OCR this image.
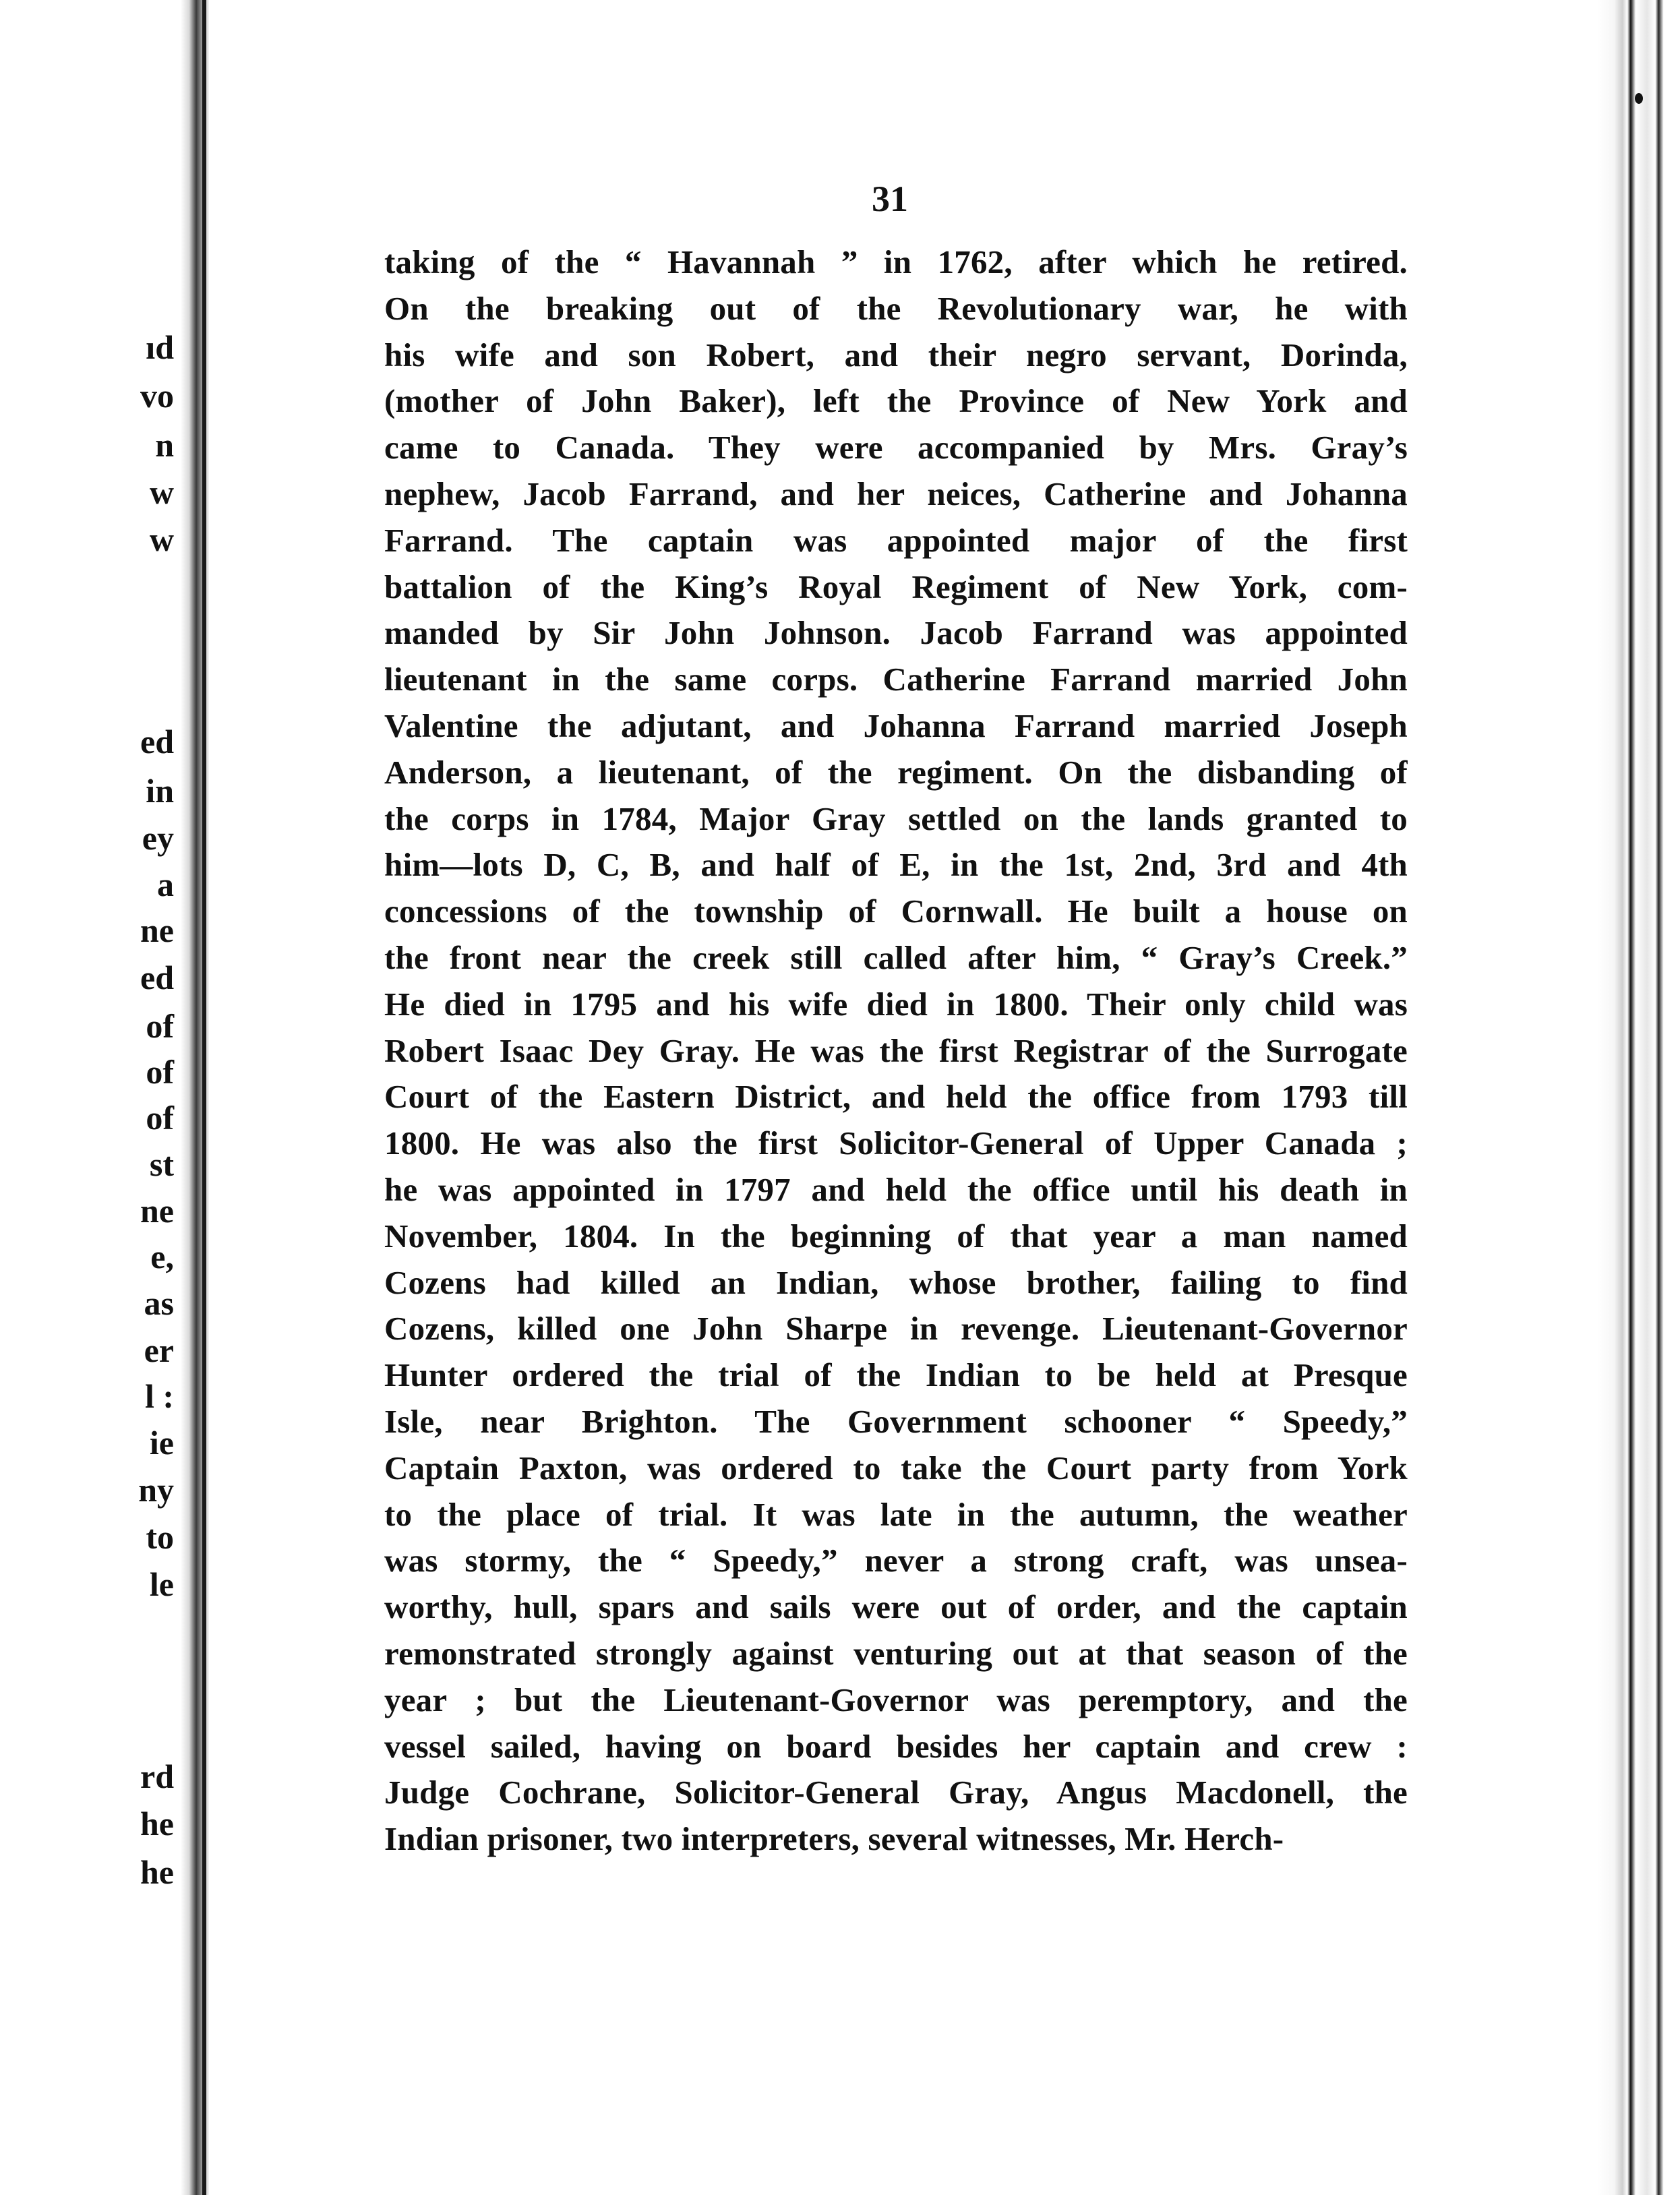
ıd
vo
n
w
w
ed
in
ey
a
ne
ed
of
of
of
st
ne
e,
as
er
l :
ie
ny
to
le
rd
he
he
31
taking of the “ Havannah ” in 1762, after which he retired.
On the breaking out of the Revolutionary war, he with
his wife and son Robert, and their negro servant, Dorinda,
(mother of John Baker), left the Province of New York and
came to Canada. They were accompanied by Mrs. Gray’s
nephew, Jacob Farrand, and her neices, Catherine and Johanna
Farrand. The captain was appointed major of the first
battalion of the King’s Royal Regiment of New York, com-
manded by Sir John Johnson. Jacob Farrand was appointed
lieutenant in the same corps. Catherine Farrand married John
Valentine the adjutant, and Johanna Farrand married Joseph
Anderson, a lieutenant, of the regiment. On the disbanding of
the corps in 1784, Major Gray settled on the lands granted to
him—lots D, C, B, and half of E, in the 1st, 2nd, 3rd and 4th
concessions of the township of Cornwall. He built a house on
the front near the creek still called after him, “ Gray’s Creek.”
He died in 1795 and his wife died in 1800. Their only child was
Robert Isaac Dey Gray. He was the first Registrar of the Surrogate
Court of the Eastern District, and held the office from 1793 till
1800. He was also the first Solicitor-General of Upper Canada ;
he was appointed in 1797 and held the office until his death in
November, 1804. In the beginning of that year a man named
Cozens had killed an Indian, whose brother, failing to find
Cozens, killed one John Sharpe in revenge. Lieutenant-Governor
Hunter ordered the trial of the Indian to be held at Presque
Isle, near Brighton. The Government schooner “ Speedy,”
Captain Paxton, was ordered to take the Court party from York
to the place of trial. It was late in the autumn, the weather
was stormy, the “ Speedy,” never a strong craft, was unsea-
worthy, hull, spars and sails were out of order, and the captain
remonstrated strongly against venturing out at that season of the
year ; but the Lieutenant-Governor was peremptory, and the
vessel sailed, having on board besides her captain and crew :
Judge Cochrane, Solicitor-General Gray, Angus Macdonell, the
Indian prisoner, two interpreters, several witnesses, Mr. Herch-
